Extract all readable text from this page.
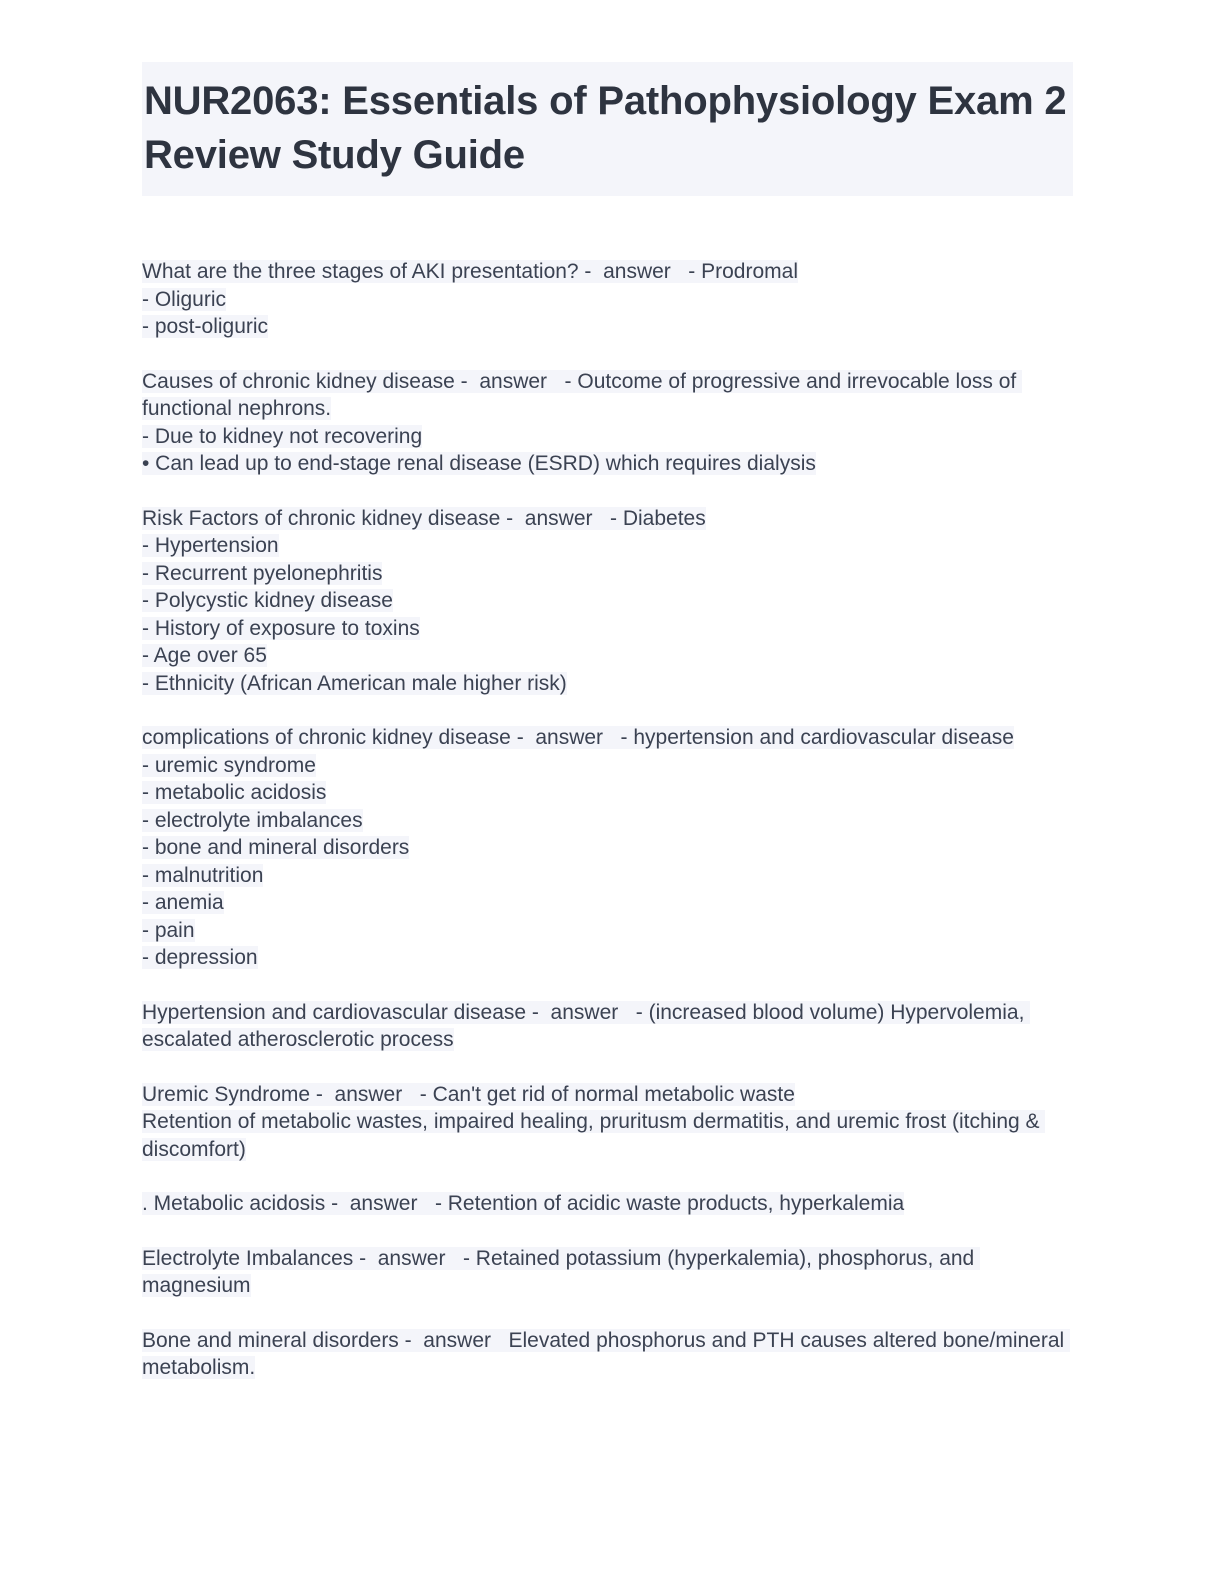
NUR2063: Essentials of Pathophysiology Exam 2 Review Study Guide

What are the three stages of AKI presentation? -  answer   - Prodromal

- Oliguric

- post-oliguric

Causes of chronic kidney disease -  answer   - Outcome of progressive and irrevocable loss of functional nephrons.

- Due to kidney not recovering

• Can lead up to end-stage renal disease (ESRD) which requires dialysis

Risk Factors of chronic kidney disease -  answer   - Diabetes

- Hypertension

- Recurrent pyelonephritis

- Polycystic kidney disease

- History of exposure to toxins

- Age over 65

- Ethnicity (African American male higher risk)

complications of chronic kidney disease -  answer   - hypertension and cardiovascular disease

- uremic syndrome

- metabolic acidosis

- electrolyte imbalances

- bone and mineral disorders

- malnutrition

- anemia

- pain

- depression

Hypertension and cardiovascular disease -  answer   - (increased blood volume) Hypervolemia, escalated atherosclerotic process

Uremic Syndrome -  answer   - Can't get rid of normal metabolic waste

Retention of metabolic wastes, impaired healing, pruritusm dermatitis, and uremic frost (itching & discomfort)

. Metabolic acidosis -  answer   - Retention of acidic waste products, hyperkalemia

Electrolyte Imbalances -  answer   - Retained potassium (hyperkalemia), phosphorus, and magnesium

Bone and mineral disorders -  answer   Elevated phosphorus and PTH causes altered bone/mineral metabolism.
